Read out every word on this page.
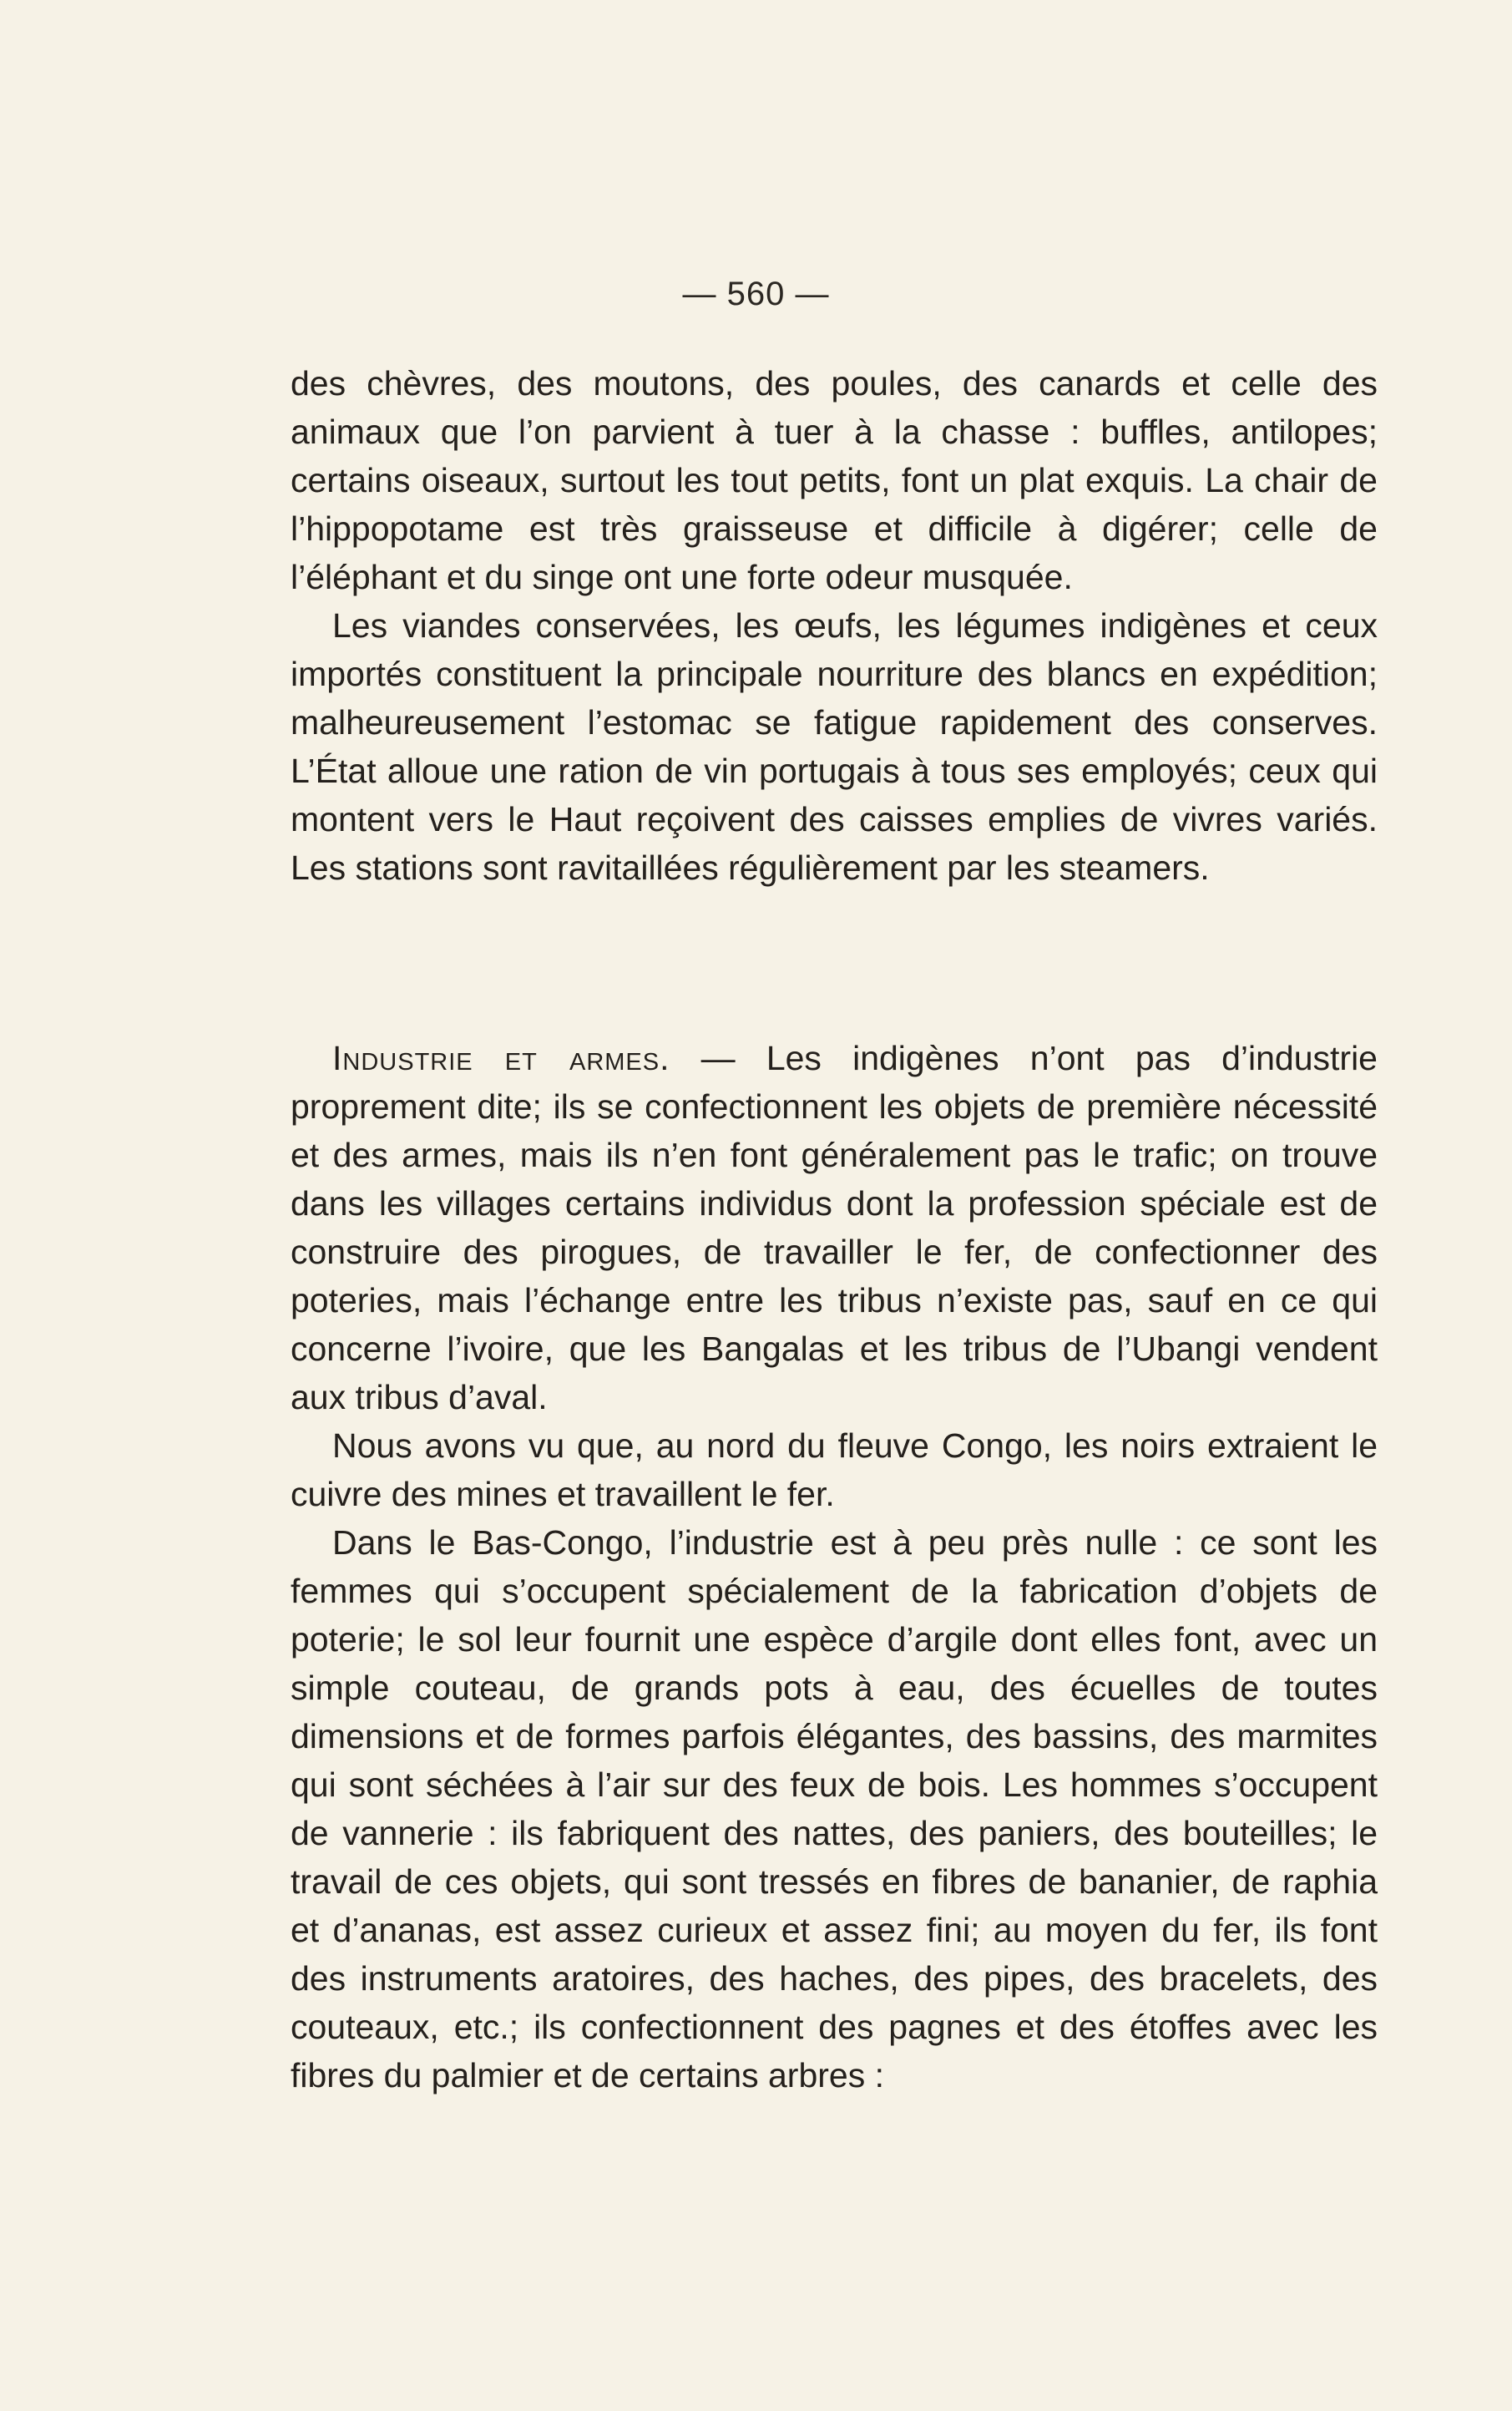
— 560 —

des chèvres, des moutons, des poules, des canards et celle des animaux que l’on parvient à tuer à la chasse : buffles, antilopes; certains oiseaux, surtout les tout petits, font un plat exquis. La chair de l’hippopotame est très graisseuse et difficile à digérer; celle de l’éléphant et du singe ont une forte odeur musquée.

Les viandes conservées, les œufs, les légumes indigènes et ceux importés constituent la principale nourriture des blancs en expédition; malheureusement l’estomac se fatigue rapidement des conserves. L’État alloue une ration de vin portugais à tous ses employés; ceux qui montent vers le Haut reçoivent des caisses emplies de vivres variés. Les stations sont ravitaillées régulièrement par les steamers.

Industrie et armes. — Les indigènes n’ont pas d’industrie proprement dite; ils se confectionnent les objets de première nécessité et des armes, mais ils n’en font généralement pas le trafic; on trouve dans les villages certains individus dont la profession spéciale est de construire des pirogues, de travailler le fer, de confectionner des poteries, mais l’échange entre les tribus n’existe pas, sauf en ce qui concerne l’ivoire, que les Bangalas et les tribus de l’Ubangi vendent aux tribus d’aval.

Nous avons vu que, au nord du fleuve Congo, les noirs extraient le cuivre des mines et travaillent le fer.

Dans le Bas-Congo, l’industrie est à peu près nulle : ce sont les femmes qui s’occupent spécialement de la fabrication d’objets de poterie; le sol leur fournit une espèce d’argile dont elles font, avec un simple couteau, de grands pots à eau, des écuelles de toutes dimensions et de formes parfois élégantes, des bassins, des marmites qui sont séchées à l’air sur des feux de bois. Les hommes s’occupent de vannerie : ils fabriquent des nattes, des paniers, des bouteilles; le travail de ces objets, qui sont tressés en fibres de bananier, de raphia et d’ananas, est assez curieux et assez fini; au moyen du fer, ils font des instruments aratoires, des haches, des pipes, des bracelets, des couteaux, etc.; ils confectionnent des pagnes et des étoffes avec les fibres du palmier et de certains arbres :
